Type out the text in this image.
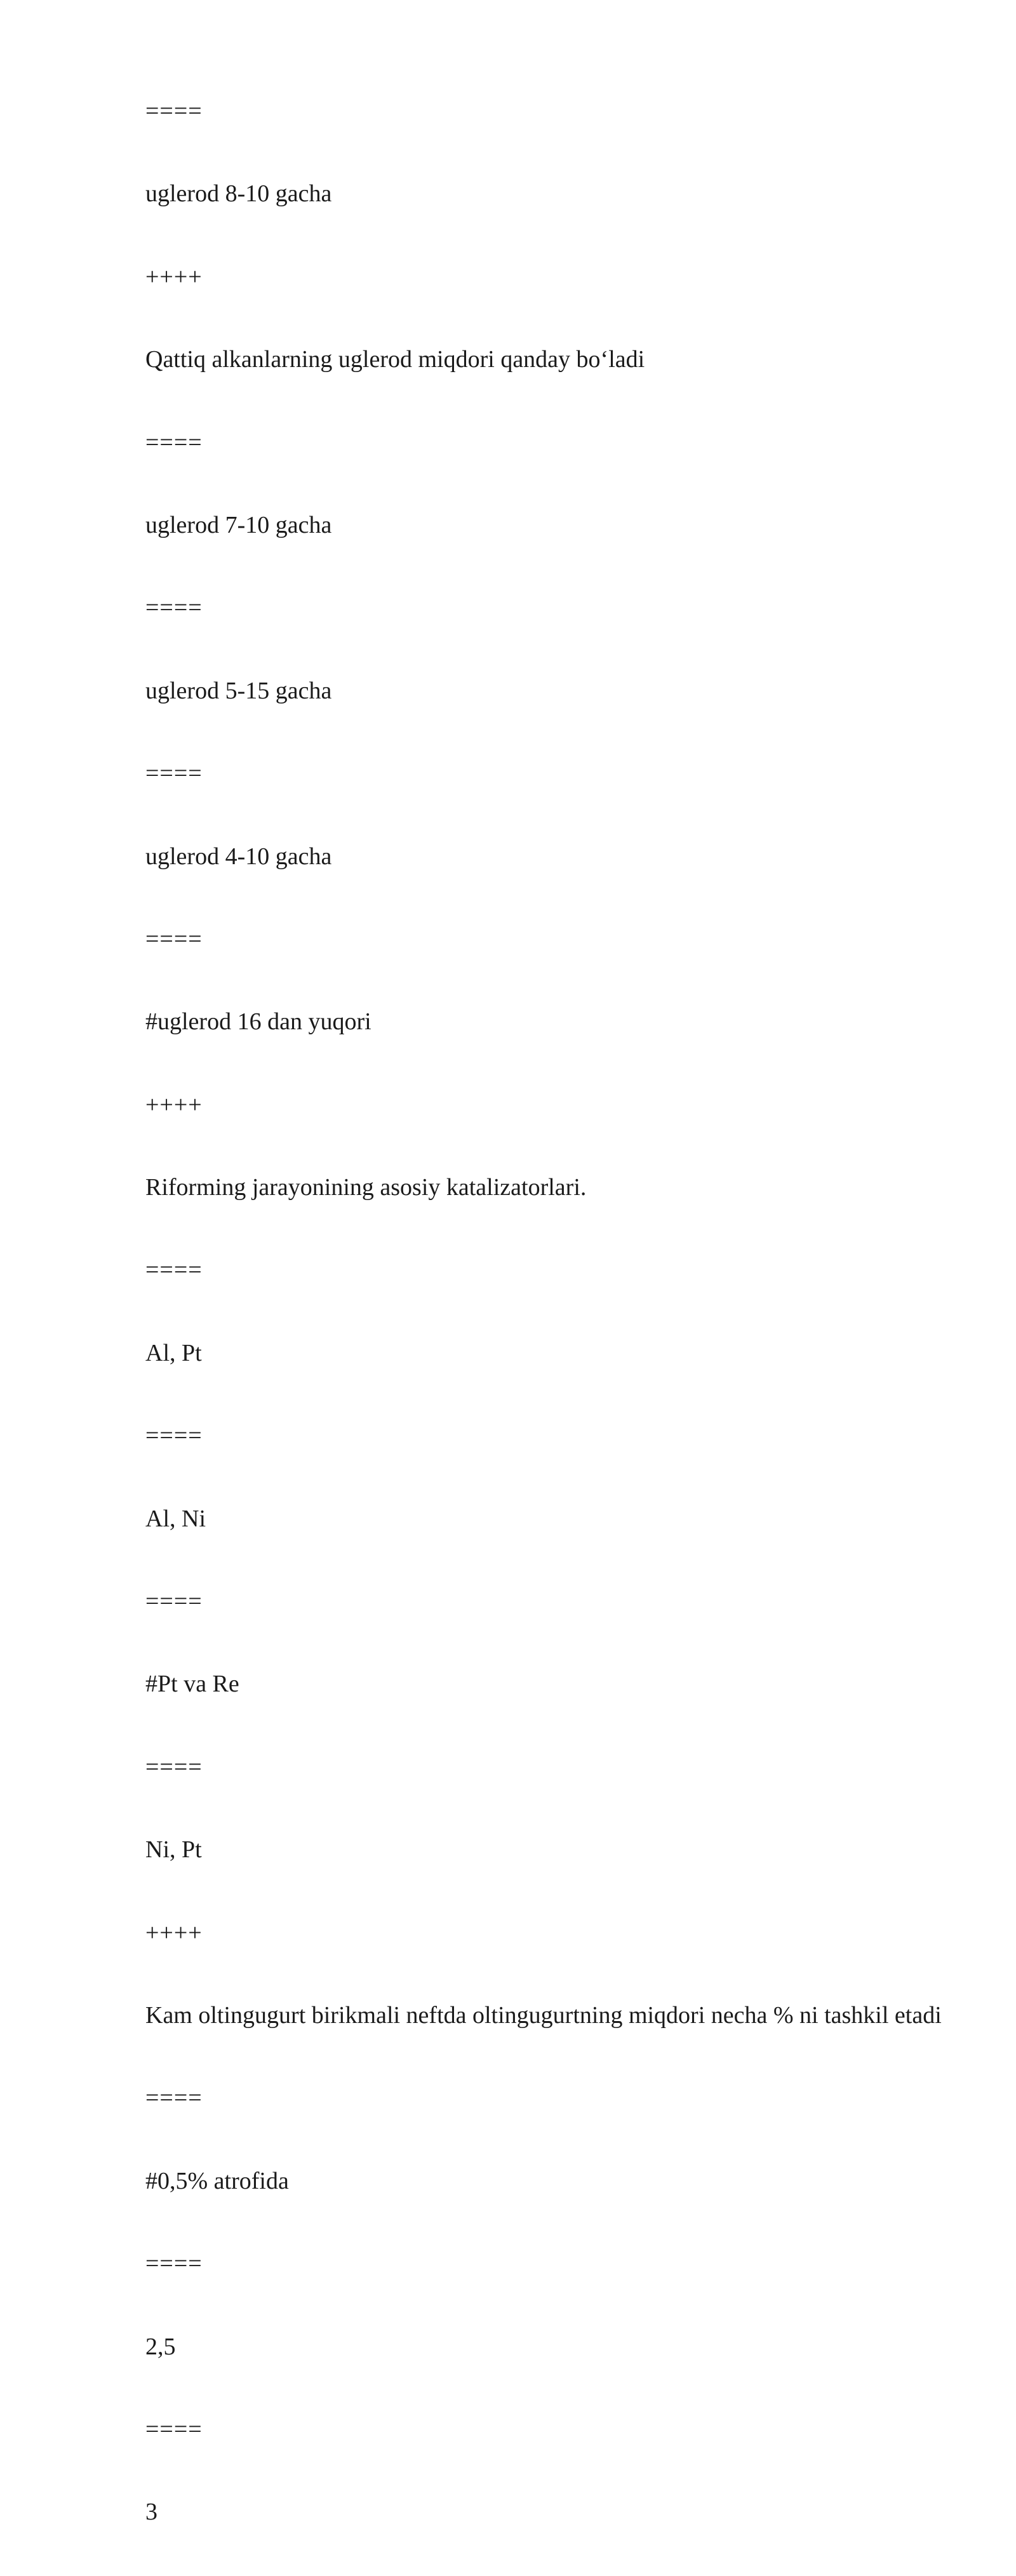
====
uglerod 8-10 gacha
++++
Qattiq alkanlarning uglerod miqdori qanday bo‘ladi
====
uglerod 7-10 gacha
====
uglerod 5-15 gacha
====
uglerod 4-10 gacha
====
#uglerod 16 dan yuqori
++++
Riforming jarayonining asosiy katalizatorlari.
====
Al, Pt
====
Al, Ni
====
#Pt va Re
====
Ni, Pt
++++
Kam oltingugurt birikmali neftda oltingugurtning miqdori necha % ni tashkil etadi
====
#0,5% atrofida
====
2,5
====
3
